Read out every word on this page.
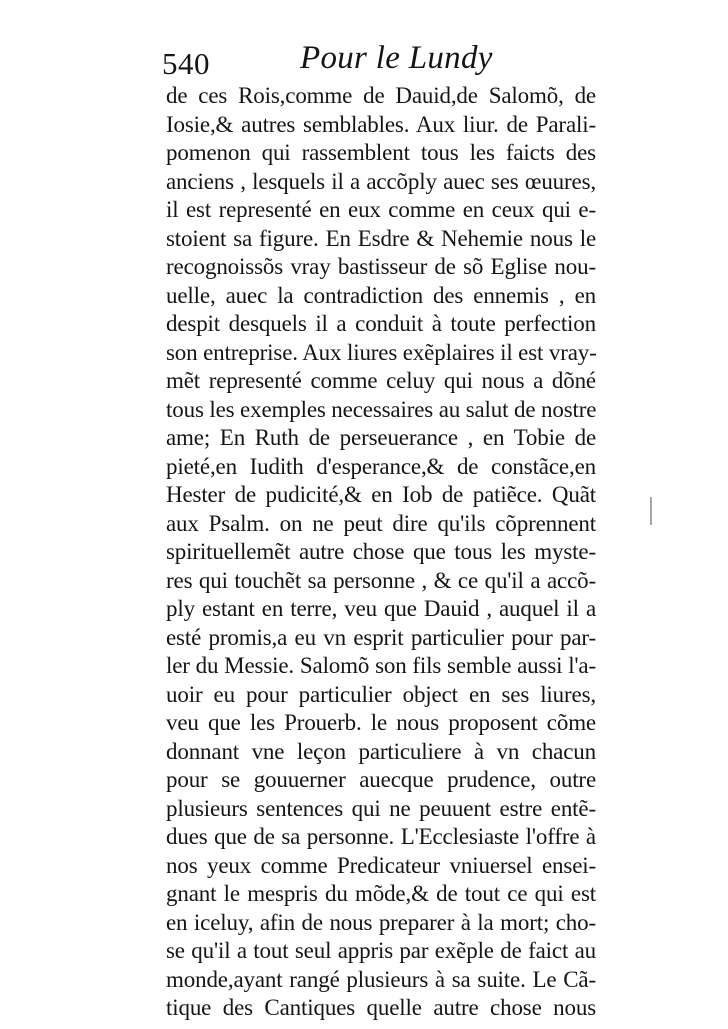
540	Pour le Lundy
de ces Rois,comme de Dauid,de Salomõ, de
Iosie,& autres semblables. Aux liur. de Parali-
pomenon qui rassemblent tous les faicts des
anciens , lesquels il a accõply auec ses œuures,
il est representé en eux comme en ceux qui e-
stoient sa figure. En Esdre & Nehemie nous le
recognoissõs vray bastisseur de sõ Eglise nou-
uelle, auec la contradiction des ennemis , en
despit desquels il a conduit à toute perfection
son entreprise. Aux liures exẽplaires il est vray-
mẽt representé comme celuy qui nous a dõné
tous les exemples necessaires au salut de nostre
ame; En Ruth de perseuerance , en Tobie de
pieté,en Iudith d'esperance,& de constãce,en
Hester de pudicité,& en Iob de patiẽce. Quãt
aux Psalm. on ne peut dire qu'ils cõprennent
spirituellemẽt autre chose que tous les myste-
res qui touchẽt sa personne , & ce qu'il a accõ-
ply estant en terre, veu que Dauid , auquel il a
esté promis,a eu vn esprit particulier pour par-
ler du Messie. Salomõ son fils semble aussi l'a-
uoir eu pour particulier object en ses liures,
veu que les Prouerb. le nous proposent cõme
donnant vne leçon particuliere à vn chacun
pour se gouuerner auecque prudence, outre
plusieurs sentences qui ne peuuent estre entẽ-
dues que de sa personne. L'Ecclesiaste l'offre à
nos yeux comme Predicateur vniuersel ensei-
gnant le mespris du mõde,& de tout ce qui est
en iceluy, afin de nous preparer à la mort; cho-
se qu'il a tout seul appris par exẽple de faict au
monde,ayant rangé plusieurs à sa suite. Le Cã-
tique des Cantiques quelle autre chose nous
